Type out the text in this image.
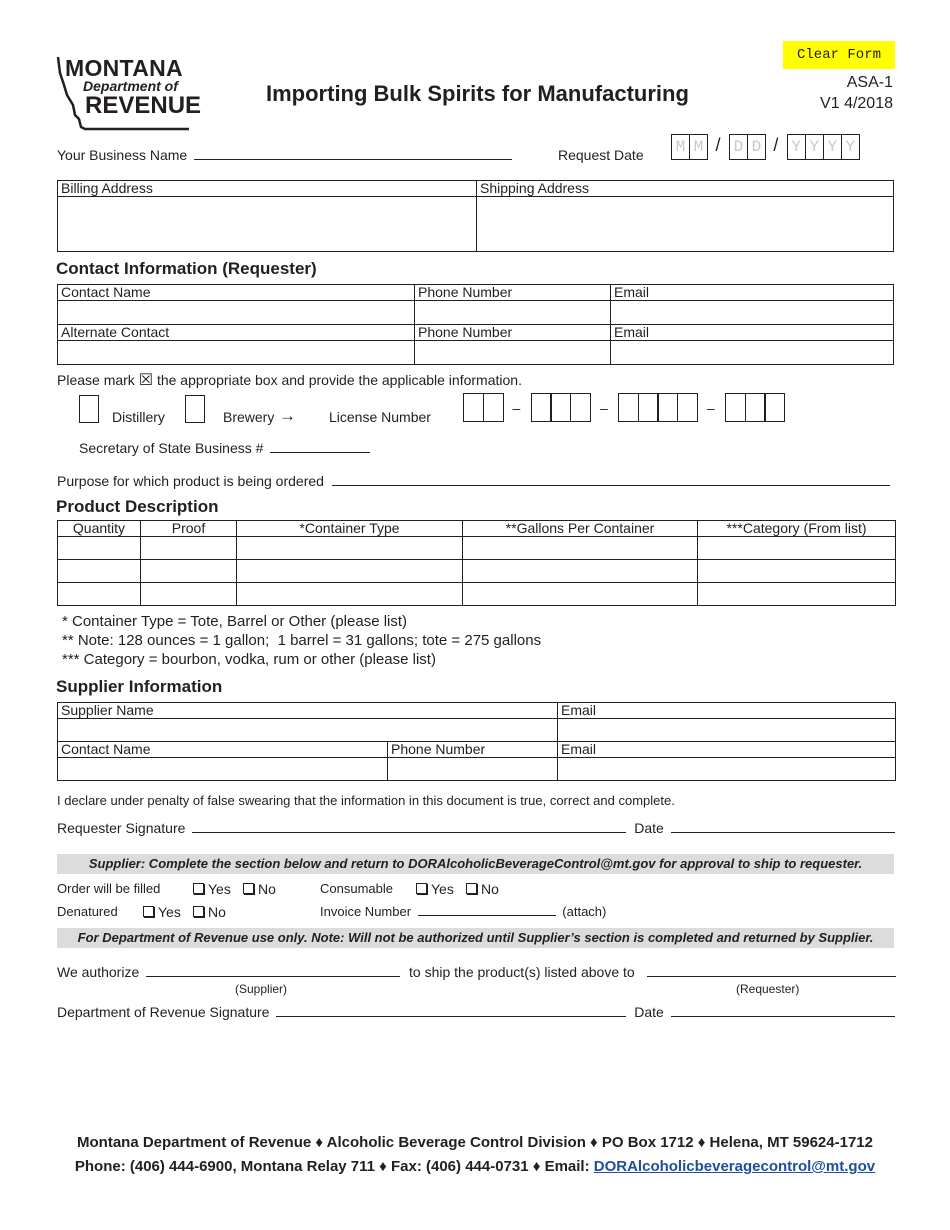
MONTANA
Department of
REVENUE	Importing Bulk Spirits for Manufacturing
Clear Form
ASA-1
V1 4/2018
Your Business Name	Request Date M M / D D / Y Y Y Y
Billing Address	Shipping Address

Contact Information (Requester)
Contact Name	Phone Number	Email

Alternate Contact	Phone Number	Email

Please mark ☒ the appropriate box and provide the applicable information.
Distillery	Brewery → License Number
–	–	–
Secretary of State Business #
Purpose for which product is being ordered
Product Description
Quantity	Proof	*Container Type	**Gallons Per Container	***Category (From list)

* Container Type = Tote, Barrel or Other (please list)
** Note: 128 ounces = 1 gallon;  1 barrel = 31 gallons; tote = 275 gallons
*** Category = bourbon, vodka, rum or other (please list)
Supplier Information
Supplier Name		Email

Contact Name	Phone Number	Email

I declare under penalty of false swearing that the information in this document is true, correct and complete.
Requester Signature	Date
Supplier: Complete the section below and return to DORAlcoholicBeverageControl@mt.gov for approval to ship to requester.
Order will be filled	Yes	No	Consumable	Yes	No
Denatured	Yes	No	Invoice Number	(attach)
For Department of Revenue use only. Note: Will not be authorized until Supplier’s section is completed and returned by Supplier.
We authorize	to ship the product(s) listed above to
(Supplier)	(Requester)
Department of Revenue Signature	Date
Montana Department of Revenue ♦ Alcoholic Beverage Control Division ♦ PO Box 1712 ♦ Helena, MT 59624-1712
Phone: (406) 444-6900, Montana Relay 711 ♦ Fax: (406) 444-0731 ♦ Email: DORAlcoholicbeveragecontrol@mt.gov
